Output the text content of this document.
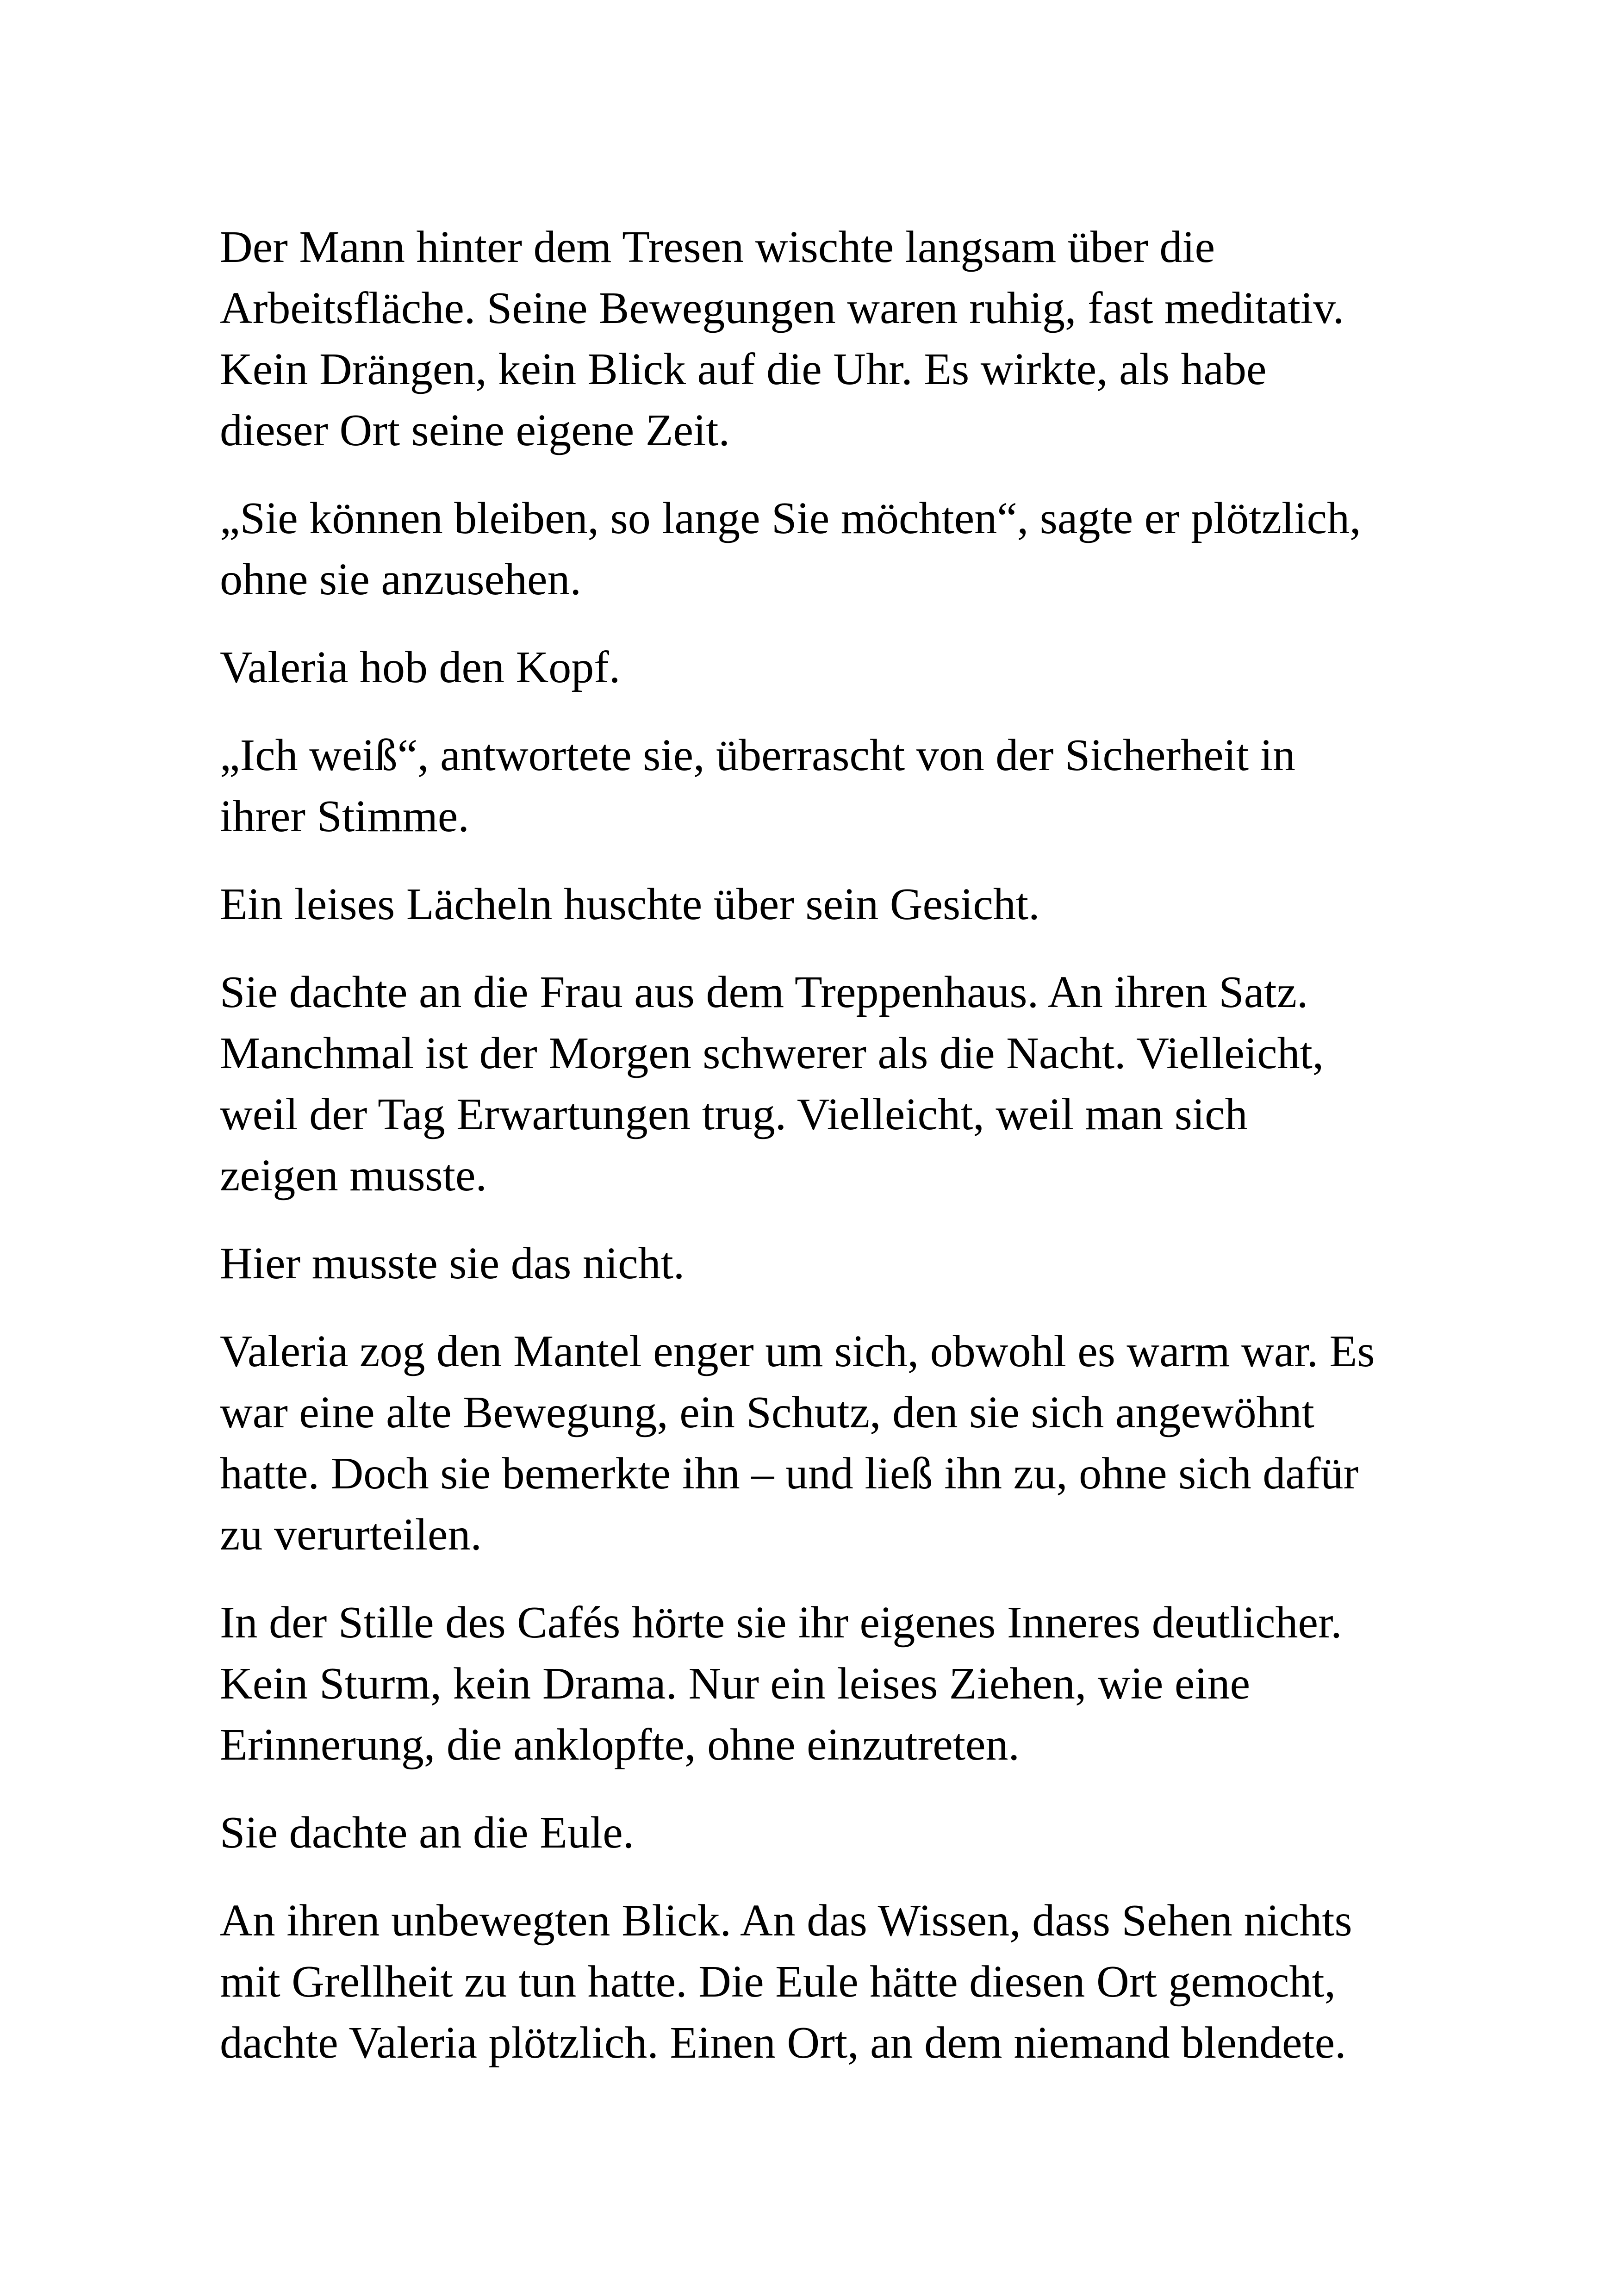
Der Mann hinter dem Tresen wischte langsam über die
Arbeitsfläche. Seine Bewegungen waren ruhig, fast meditativ.
Kein Drängen, kein Blick auf die Uhr. Es wirkte, als habe
dieser Ort seine eigene Zeit.

„Sie können bleiben, so lange Sie möchten“, sagte er plötzlich,
ohne sie anzusehen.

Valeria hob den Kopf.

„Ich weiß“, antwortete sie, überrascht von der Sicherheit in
ihrer Stimme.

Ein leises Lächeln huschte über sein Gesicht.

Sie dachte an die Frau aus dem Treppenhaus. An ihren Satz.
Manchmal ist der Morgen schwerer als die Nacht. Vielleicht,
weil der Tag Erwartungen trug. Vielleicht, weil man sich
zeigen musste.

Hier musste sie das nicht.

Valeria zog den Mantel enger um sich, obwohl es warm war. Es
war eine alte Bewegung, ein Schutz, den sie sich angewöhnt
hatte. Doch sie bemerkte ihn – und ließ ihn zu, ohne sich dafür
zu verurteilen.

In der Stille des Cafés hörte sie ihr eigenes Inneres deutlicher.
Kein Sturm, kein Drama. Nur ein leises Ziehen, wie eine
Erinnerung, die anklopfte, ohne einzutreten.

Sie dachte an die Eule.

An ihren unbewegten Blick. An das Wissen, dass Sehen nichts
mit Grellheit zu tun hatte. Die Eule hätte diesen Ort gemocht,
dachte Valeria plötzlich. Einen Ort, an dem niemand blendete.
